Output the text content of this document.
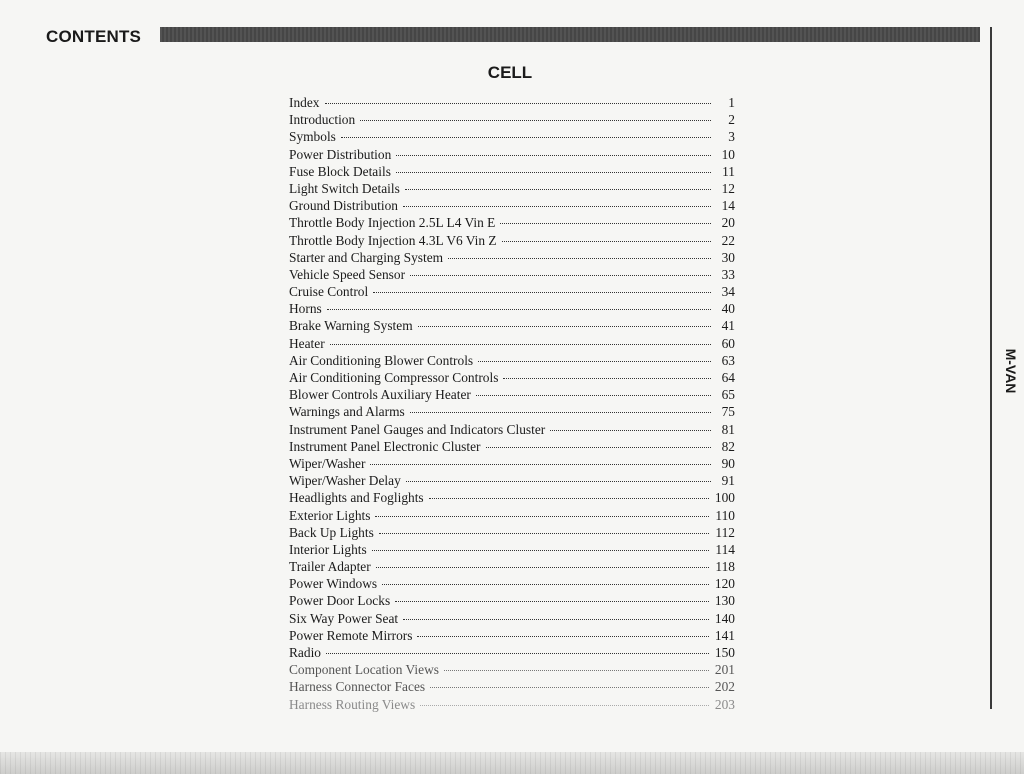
CONTENTS
M-VAN
CELL
Index	1
Introduction	2
Symbols	3
Power Distribution	10
Fuse Block Details	11
Light Switch Details	12
Ground Distribution	14
Throttle Body Injection 2.5L L4 Vin E	20
Throttle Body Injection 4.3L V6 Vin Z	22
Starter and Charging System	30
Vehicle Speed Sensor	33
Cruise Control	34
Horns	40
Brake Warning System	41
Heater	60
Air Conditioning Blower Controls	63
Air Conditioning Compressor Controls	64
Blower Controls Auxiliary Heater	65
Warnings and Alarms	75
Instrument Panel Gauges and Indicators Cluster	81
Instrument Panel Electronic Cluster	82
Wiper/Washer	90
Wiper/Washer Delay	91
Headlights and Foglights	100
Exterior Lights	110
Back Up Lights	112
Interior Lights	114
Trailer Adapter	118
Power Windows	120
Power Door Locks	130
Six Way Power Seat	140
Power Remote Mirrors	141
Radio	150
Component Location Views	201
Harness Connector Faces	202
Harness Routing Views	203
